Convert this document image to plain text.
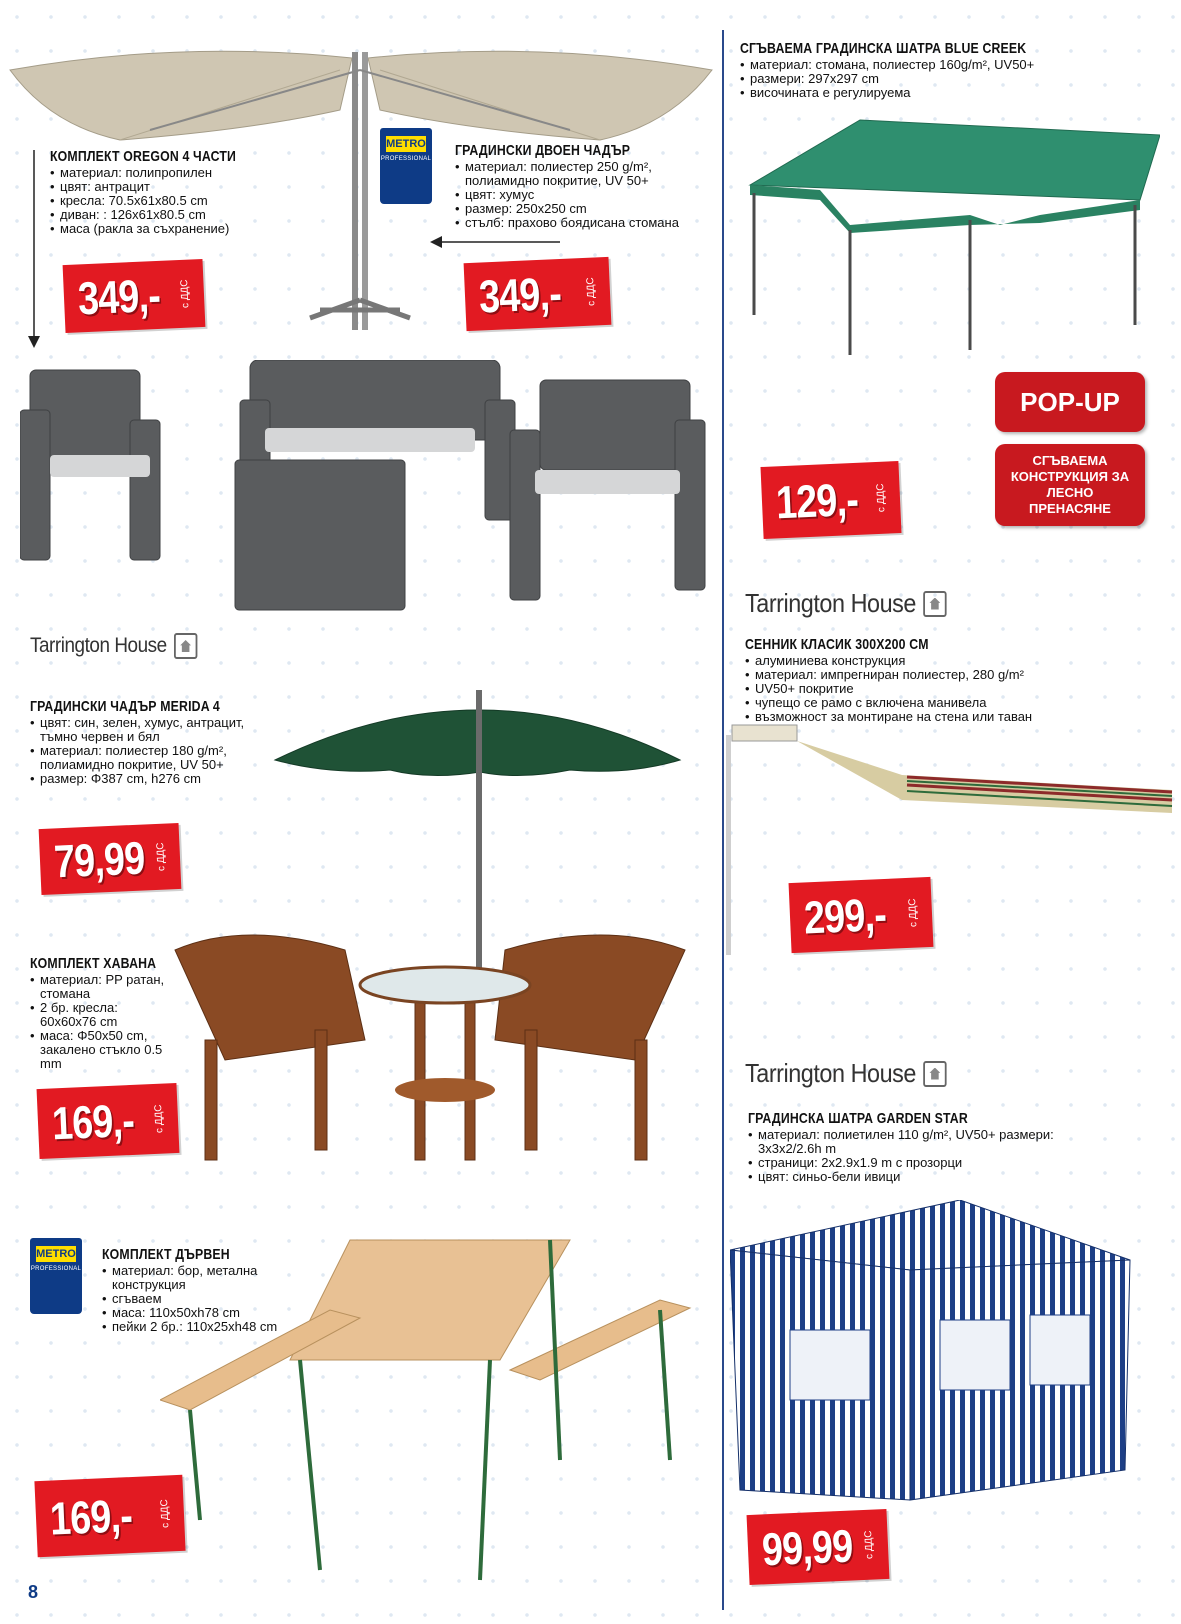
METRO
PROFESSIONAL
METRO
PROFESSIONAL
Tarrington House
Tarrington House
Tarrington House
КОМПЛЕКТ OREGON 4 ЧАСТИ
• материал: полипропилен
• цвят: антрацит
• кресла: 70.5x61x80.5 cm
• диван: : 126x61x80.5 cm
• маса (ракла за съхранение)
ГРАДИНСКИ ДВОЕН ЧАДЪР
• материал: полиестер 250 g/m², полиамидно покритие, UV 50+
• цвят: хумус
• размер: 250x250 cm
• стълб: прахово боядисана стомана
СГЪВАЕМА ГРАДИНСКА ШАТРА BLUE CREEK
• материал: стомана, полиестер 160g/m², UV50+
• размери: 297x297 cm
• височината е регулируема
ГРАДИНСКИ ЧАДЪР MERIDA 4
• цвят: син, зелен, хумус, антрацит, тъмно червен и бял
• материал: полиестер 180 g/m², полиамидно покритие, UV 50+
• размер: Φ387 cm, h276 cm
СЕННИК КЛАСИК 300X200 CM
• алуминиева конструкция
• материал: импрегниран полиестер, 280 g/m²
• UV50+ покритие
• чупещо се рамо с включена манивела
• възможност за монтиране на стена или таван
КОМПЛЕКТ ХАВАНА
• материал: PP ратан, стомана
• 2 бр. кресла: 60x60x76 cm
• маса: Φ50x50 cm, закалено стъкло 0.5 mm
ГРАДИНСКА ШАТРА GARDEN STAR
• материал: полиетилен 110 g/m², UV50+ размери: 3x3x2/2.6h m
• страници: 2x2.9x1.9 m с прозорци
• цвят: синьо-бели ивици
КОМПЛЕКТ ДЪРВЕН
• материал: бор, метална конструкция
• сгъваем
• маса: 110x50xh78 cm
• пейки 2 бр.: 110x25xh48 cm
349,- с ДДС	349,- с ДДС
129,- с ДДС
79,99 с ДДС
299,- с ДДС
169,- с ДДС
169,-	с ДДС
99,99 с ДДС
POP-UP
СГЪВАЕМА КОНСТРУКЦИЯ ЗА ЛЕСНО ПРЕНАСЯНЕ
8
